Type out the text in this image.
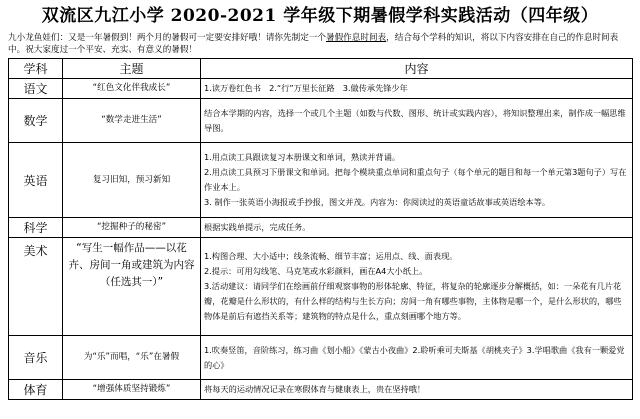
双流区九江小学 2020-2021 学年级下期暑假学科实践活动（四年级）
九小龙鱼娃们：又是一年暑假到！两个月的暑假可一定要安排好哦！请你先制定一个暑假作息时间表，结合每个学科的知识，将以下内容安排在自己的作息时间表中。祝大家度过一个平安、充实、有意义的暑假！
学科	主题	内容
语文	“红色文化伴我成长”	1.读万卷红色书　2.“行”万里长征路　3.做传承先锋少年

数学	“数学走进生活”	结合本学期的内容，选择一个或几个主题（如数与代数、图形、统计或实践内容），将知识整理出来，制作成一幅思维导图。

英语	复习旧知，预习新知	1.用点读工具跟读复习本册课文和单词，熟读并背诵。

2.用点读工具预习下册课文和单词。把每个模块重点单词和重点句子（每个单元的题目和每一个单元第3题句子）写在作业本上。

3. 制作一张英语小海报或手抄报，图文并茂。内容为：你阅读过的英语童话故事或英语绘本等。

科学	“挖掘种子的秘密”	根据实践单提示，完成任务。

美术	“写生一幅作品——以花卉、房间一角或建筑为内容（任选其一）”	1.构图合理、大小适中；线条流畅、细节丰富；运用点、线、面表现。

2.提示：可用勾线笔、马克笔或水彩颜料，画在A4大小纸上。

3.活动建议：请同学们在绘画前仔细观察事物的形体轮廓、特征，将复杂的轮廓逐步分解概括，如：一朵花有几片花瓣，花瓣是什么形状的，有什么样的结构与生长方向；房间一角有哪些事物，主体物是哪一个，是什么形状的，哪些物体是前后有遮挡关系等；建筑物的特点是什么，重点刻画哪个地方等。

音乐	为“乐”而唱，“乐”在暑假	1.吹奏竖笛，音阶练习，练习曲《划小船》《蒙古小夜曲》2.聆听乘可夫斯基《胡桃夹子》3.学唱歌曲《我有一颗爱党的心》

体育	“增强体质坚持锻炼”	将每天的运动情况记录在寒假体育与健康表上，贵在坚持哦！
